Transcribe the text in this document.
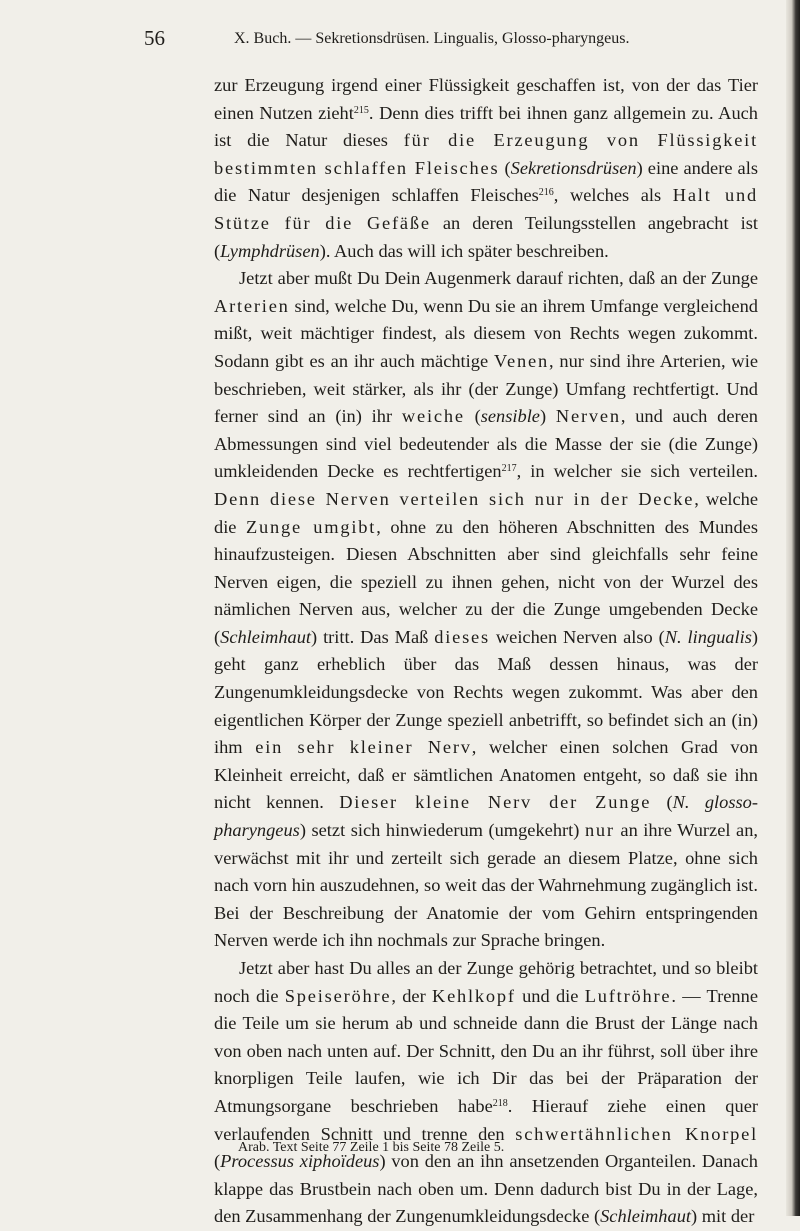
56	X. Buch. — Sekretionsdrüsen. Lingualis, Glosso-pharyngeus.

zur Erzeugung irgend einer Flüssigkeit geschaffen ist, von der das Tier einen Nutzen zieht$^{215}$. Denn dies trifft bei ihnen ganz allgemein zu. Auch ist die Natur dieses für die Erzeugung von Flüssigkeit bestimmten schlaffen Fleisches (Sekretionsdrüsen) eine andere als die Natur desjenigen schlaffen Fleisches$^{216}$, welches als Halt und Stütze für die Gefäße an deren Teilungsstellen angebracht ist (Lymphdrüsen). Auch das will ich später beschreiben.

Jetzt aber mußt Du Dein Augenmerk darauf richten, daß an der Zunge Arterien sind, welche Du, wenn Du sie an ihrem Umfange vergleichend mißt, weit mächtiger findest, als diesem von Rechts wegen zukommt. Sodann gibt es an ihr auch mächtige Venen, nur sind ihre Arterien, wie beschrieben, weit stärker, als ihr (der Zunge) Umfang rechtfertigt. Und ferner sind an (in) ihr weiche (sensible) Nerven, und auch deren Abmessungen sind viel bedeutender als die Masse der sie (die Zunge) umkleidenden Decke es rechtfertigen$^{217}$, in welcher sie sich verteilen. Denn diese Nerven verteilen sich nur in der Decke, welche die Zunge umgibt, ohne zu den höheren Abschnitten des Mundes hinaufzusteigen. Diesen Abschnitten aber sind gleichfalls sehr feine Nerven eigen, die speziell zu ihnen gehen, nicht von der Wurzel des nämlichen Nerven aus, welcher zu der die Zunge umgebenden Decke (Schleimhaut) tritt. Das Maß dieses weichen Nerven also (N. lingualis) geht ganz erheblich über das Maß dessen hinaus, was der Zungenumkleidungsdecke von Rechts wegen zukommt. Was aber den eigentlichen Körper der Zunge speziell anbetrifft, so befindet sich an (in) ihm ein sehr kleiner Nerv, welcher einen solchen Grad von Kleinheit erreicht, daß er sämtlichen Anatomen entgeht, so daß sie ihn nicht kennen. Dieser kleine Nerv der Zunge (N. glosso-pharyngeus) setzt sich hinwiederum (umgekehrt) nur an ihre Wurzel an, verwächst mit ihr und zerteilt sich gerade an diesem Platze, ohne sich nach vorn hin auszudehnen, so weit das der Wahrnehmung zugänglich ist. Bei der Beschreibung der Anatomie der vom Gehirn entspringenden Nerven werde ich ihn nochmals zur Sprache bringen.

Jetzt aber hast Du alles an der Zunge gehörig betrachtet, und so bleibt noch die Speiseröhre, der Kehlkopf und die Luftröhre. — Trenne die Teile um sie herum ab und schneide dann die Brust der Länge nach von oben nach unten auf. Der Schnitt, den Du an ihr führst, soll über ihre knorpligen Teile laufen, wie ich Dir das bei der Präparation der Atmungsorgane beschrieben habe$^{218}$. Hierauf ziehe einen quer verlaufenden Schnitt und trenne den schwertähnlichen Knorpel (Processus xiphoïdeus) von den an ihn ansetzenden Organteilen. Danach klappe das Brustbein nach oben um. Denn dadurch bist Du in der Lage, den Zusammenhang der Zungenumkleidungsdecke (Schleimhaut) mit der

Arab. Text Seite 77 Zeile 1 bis Seite 78 Zeile 5.
